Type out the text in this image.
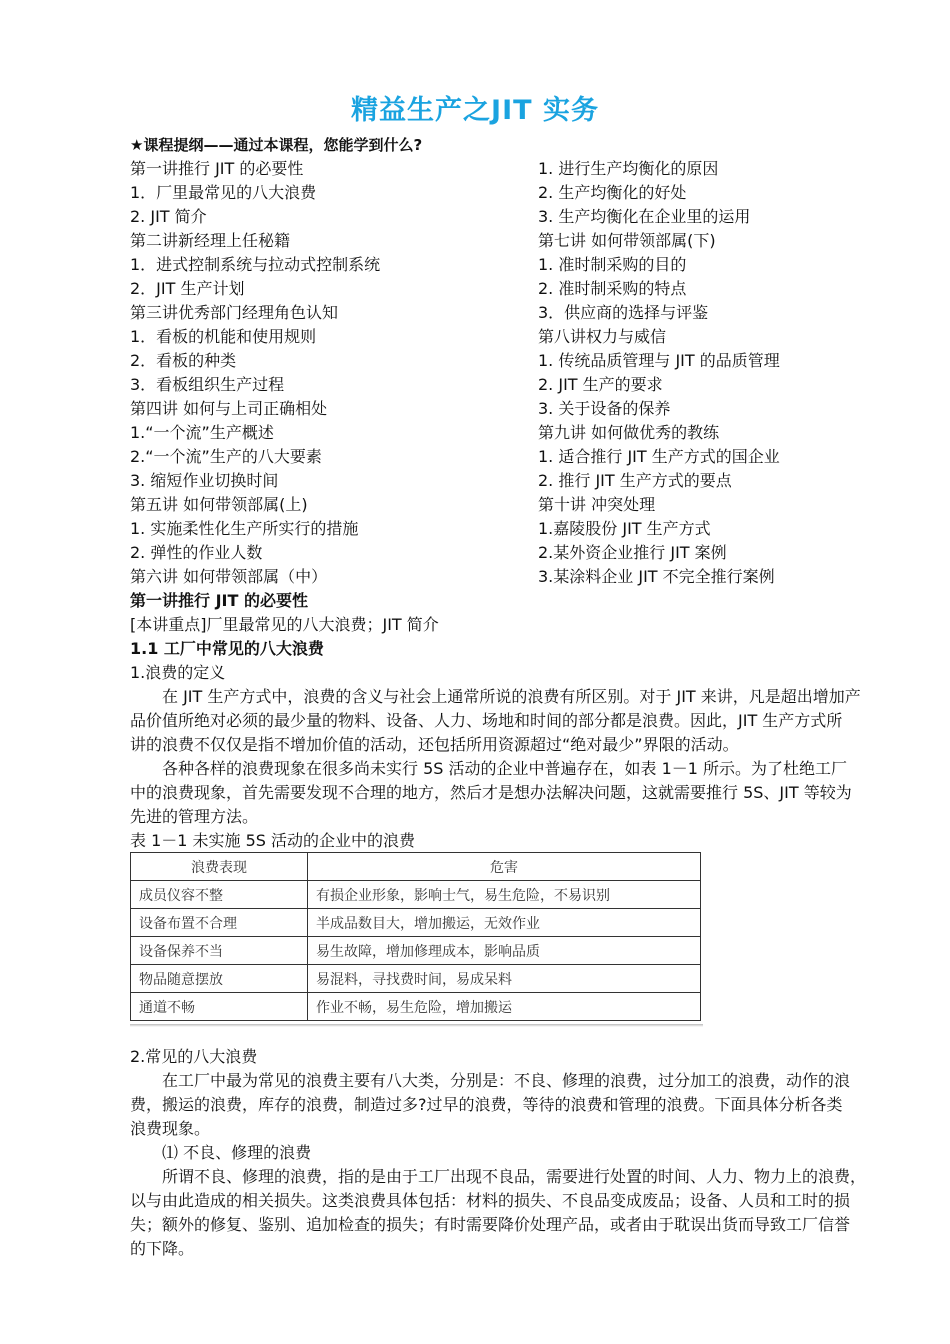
精益生产之JIT 实务
★课程提纲——通过本课程，您能学到什么?
第一讲推行 JIT 的必要性
1．厂里最常见的八大浪费
2. JIT 简介
第二讲新经理上任秘籍
1．进式控制系统与拉动式控制系统
2．JIT 生产计划
第三讲优秀部门经理角色认知
1．看板的机能和使用规则
2．看板的种类
3．看板组织生产过程
第四讲 如何与上司正确相处
1.“一个流”生产概述
2.“一个流”生产的八大要素
3. 缩短作业切换时间
第五讲 如何带领部属(上)
1. 实施柔性化生产所实行的措施
2. 弹性的作业人数
第六讲 如何带领部属（中）
1. 进行生产均衡化的原因
2. 生产均衡化的好处
3. 生产均衡化在企业里的运用
第七讲 如何带领部属(下)
1. 准时制采购的目的
2. 准时制采购的特点
3．供应商的选择与评鉴
第八讲权力与威信
1. 传统品质管理与 JIT 的品质管理
2. JIT 生产的要求
3. 关于设备的保养
第九讲 如何做优秀的教练
1. 适合推行 JIT 生产方式的国企业
2. 推行 JIT 生产方式的要点
第十讲 冲突处理
1.嘉陵股份 JIT 生产方式
2.某外资企业推行 JIT 案例
3.某涂料企业 JIT 不完全推行案例
第一讲推行 JIT 的必要性
[本讲重点]厂里最常见的八大浪费；JIT 简介
1.1 工厂中常见的八大浪费
1.浪费的定义
  在 JIT 生产方式中，浪费的含义与社会上通常所说的浪费有所区别。对于 JIT 来讲，凡是超出增加产
品价值所绝对必须的最少量的物料、设备、人力、场地和时间的部分都是浪费。因此，JIT 生产方式所
讲的浪费不仅仅是指不增加价值的活动，还包括所用资源超过“绝对最少”界限的活动。
  各种各样的浪费现象在很多尚未实行 5S 活动的企业中普遍存在，如表 1－1 所示。为了杜绝工厂
中的浪费现象，首先需要发现不合理的地方，然后才是想办法解决问题，这就需要推行 5S、JIT 等较为
先进的管理方法。
表 1－1 未实施 5S 活动的企业中的浪费
浪费表现	危害
成员仪容不整	有损企业形象，影响士气，易生危险，不易识别
设备布置不合理	半成品数目大，增加搬运，无效作业
设备保养不当	易生故障，增加修理成本，影响品质
物品随意摆放	易混料，寻找费时间，易成呆料
通道不畅	作业不畅，易生危险，增加搬运
2.常见的八大浪费
  在工厂中最为常见的浪费主要有八大类，分别是：不良、修理的浪费，过分加工的浪费，动作的浪
费，搬运的浪费，库存的浪费，制造过多?过早的浪费，等待的浪费和管理的浪费。下面具体分析各类
浪费现象。
  ⑴ 不良、修理的浪费
  所谓不良、修理的浪费，指的是由于工厂出现不良品，需要进行处置的时间、人力、物力上的浪费，
以与由此造成的相关损失。这类浪费具体包括：材料的损失、不良品变成废品；设备、人员和工时的损
失；额外的修复、鉴别、追加检查的损失；有时需要降价处理产品，或者由于耽误出货而导致工厂信誉
的下降。
